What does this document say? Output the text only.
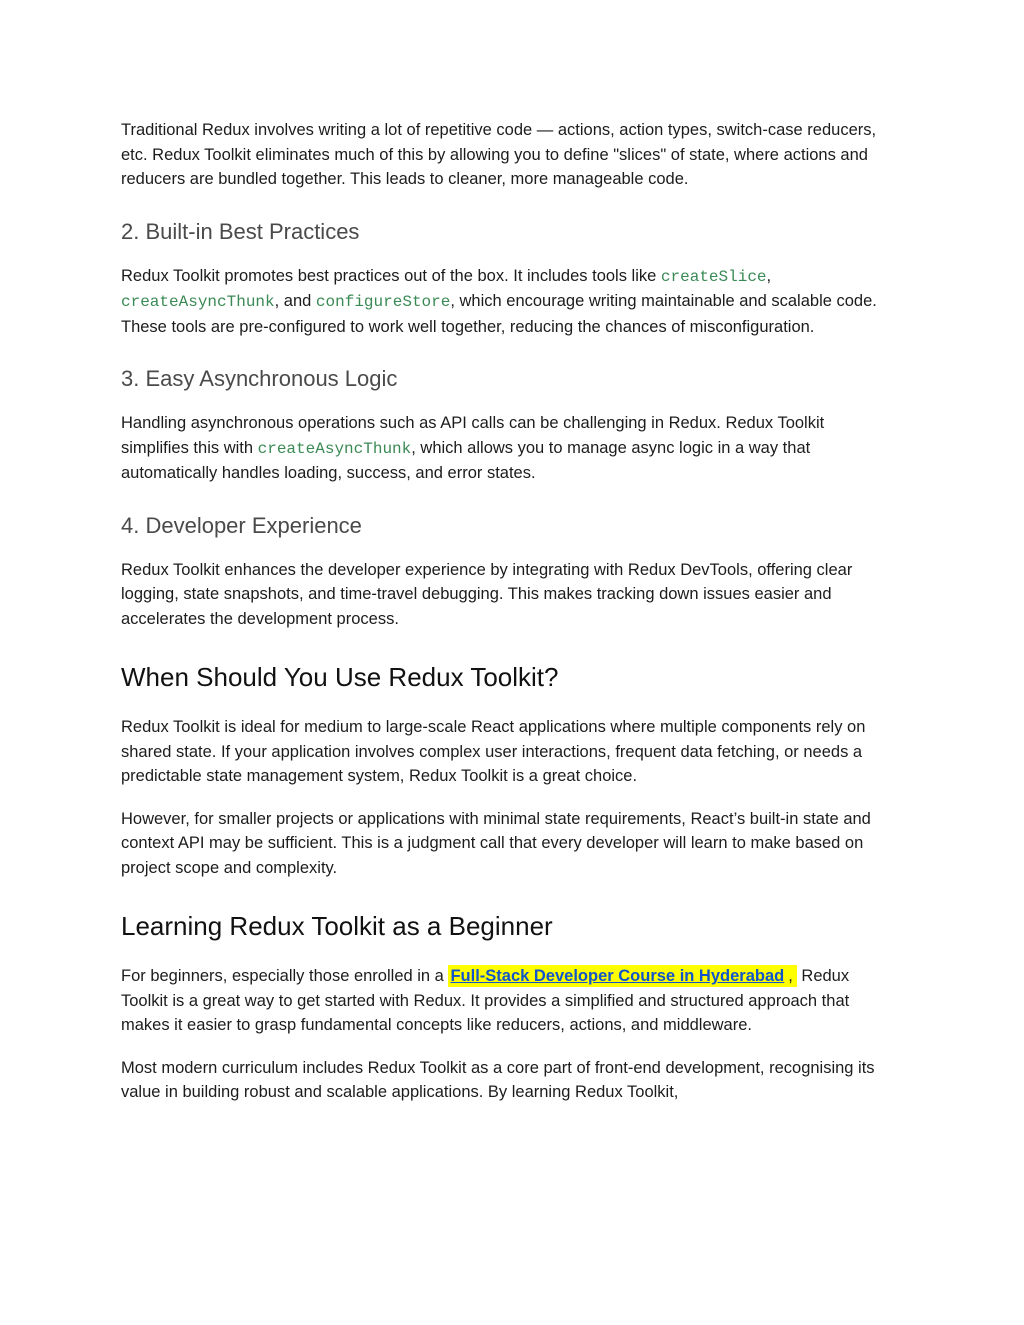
Traditional Redux involves writing a lot of repetitive code — actions, action types, switch-case reducers, etc. Redux Toolkit eliminates much of this by allowing you to define "slices" of state, where actions and reducers are bundled together. This leads to cleaner, more manageable code.

2. Built-in Best Practices

Redux Toolkit promotes best practices out of the box. It includes tools like createSlice, createAsyncThunk, and configureStore, which encourage writing maintainable and scalable code. These tools are pre-configured to work well together, reducing the chances of misconfiguration.

3. Easy Asynchronous Logic

Handling asynchronous operations such as API calls can be challenging in Redux. Redux Toolkit simplifies this with createAsyncThunk, which allows you to manage async logic in a way that automatically handles loading, success, and error states.

4. Developer Experience

Redux Toolkit enhances the developer experience by integrating with Redux DevTools, offering clear logging, state snapshots, and time-travel debugging. This makes tracking down issues easier and accelerates the development process.

When Should You Use Redux Toolkit?

Redux Toolkit is ideal for medium to large-scale React applications where multiple components rely on shared state. If your application involves complex user interactions, frequent data fetching, or needs a predictable state management system, Redux Toolkit is a great choice.

However, for smaller projects or applications with minimal state requirements, React’s built-in state and context API may be sufficient. This is a judgment call that every developer will learn to make based on project scope and complexity.

Learning Redux Toolkit as a Beginner

For beginners, especially those enrolled in a Full-Stack Developer Course in Hyderabad , Redux Toolkit is a great way to get started with Redux. It provides a simplified and structured approach that makes it easier to grasp fundamental concepts like reducers, actions, and middleware.

Most modern curriculum includes Redux Toolkit as a core part of front-end development, recognising its value in building robust and scalable applications. By learning Redux Toolkit,
